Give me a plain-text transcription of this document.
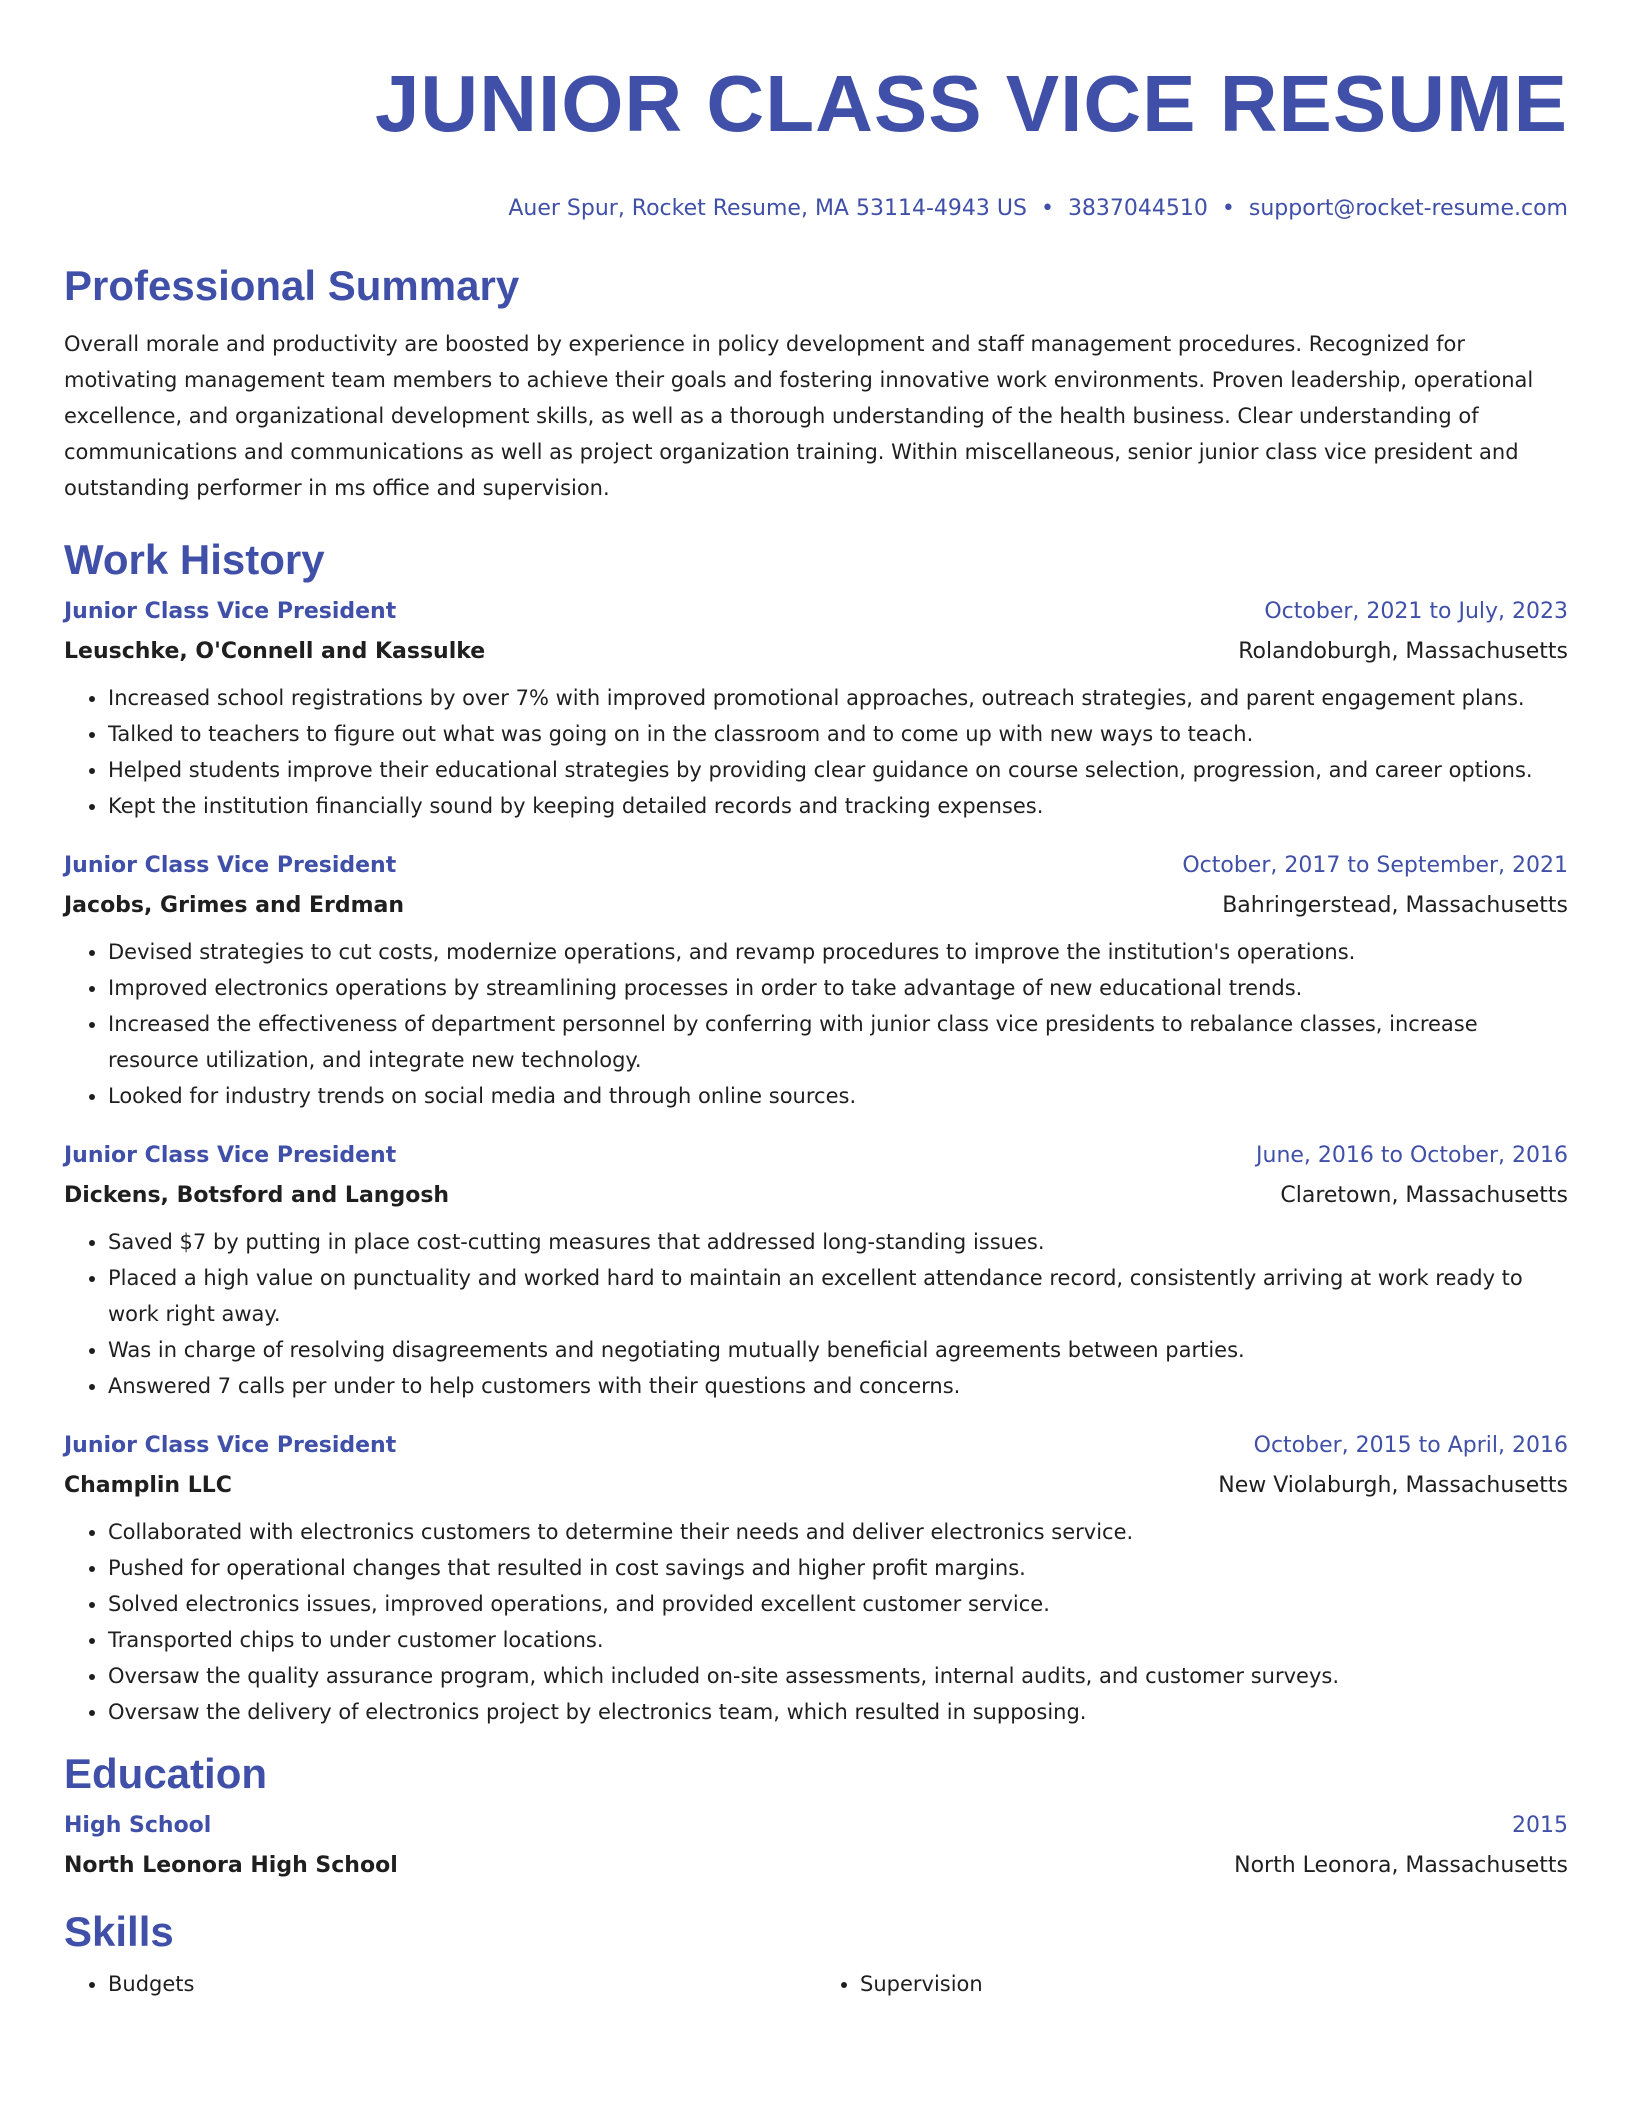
JUNIOR CLASS VICE RESUME
Auer Spur, Rocket Resume, MA 53114-4943 US • 3837044510 • support@rocket-resume.com
Professional Summary
Overall morale and productivity are boosted by experience in policy development and staff management procedures. Recognized for motivating management team members to achieve their goals and fostering innovative work environments. Proven leadership, operational excellence, and organizational development skills, as well as a thorough understanding of the health business. Clear understanding of communications and communications as well as project organization training. Within miscellaneous, senior junior class vice president and outstanding performer in ms office and supervision.
Work History
Junior Class Vice President	October, 2021 to July, 2023
Leuschke, O'Connell and Kassulke	Rolandoburgh, Massachusetts
• Increased school registrations by over 7% with improved promotional approaches, outreach strategies, and parent engagement plans.
• Talked to teachers to figure out what was going on in the classroom and to come up with new ways to teach.
• Helped students improve their educational strategies by providing clear guidance on course selection, progression, and career options.
• Kept the institution financially sound by keeping detailed records and tracking expenses.
Junior Class Vice President	October, 2017 to September, 2021
Jacobs, Grimes and Erdman	Bahringerstead, Massachusetts
• Devised strategies to cut costs, modernize operations, and revamp procedures to improve the institution's operations.
• Improved electronics operations by streamlining processes in order to take advantage of new educational trends.
• Increased the effectiveness of department personnel by conferring with junior class vice presidents to rebalance classes, increase resource utilization, and integrate new technology.
• Looked for industry trends on social media and through online sources.
Junior Class Vice President	June, 2016 to October, 2016
Dickens, Botsford and Langosh	Claretown, Massachusetts
• Saved $7 by putting in place cost-cutting measures that addressed long-standing issues.
• Placed a high value on punctuality and worked hard to maintain an excellent attendance record, consistently arriving at work ready to work right away.
• Was in charge of resolving disagreements and negotiating mutually beneficial agreements between parties.
• Answered 7 calls per under to help customers with their questions and concerns.
Junior Class Vice President	October, 2015 to April, 2016
Champlin LLC	New Violaburgh, Massachusetts
• Collaborated with electronics customers to determine their needs and deliver electronics service.
• Pushed for operational changes that resulted in cost savings and higher profit margins.
• Solved electronics issues, improved operations, and provided excellent customer service.
• Transported chips to under customer locations.
• Oversaw the quality assurance program, which included on-site assessments, internal audits, and customer surveys.
• Oversaw the delivery of electronics project by electronics team, which resulted in supposing.
Education
High School	2015
North Leonora High School	North Leonora, Massachusetts
Skills
• Budgets
•	Supervision
